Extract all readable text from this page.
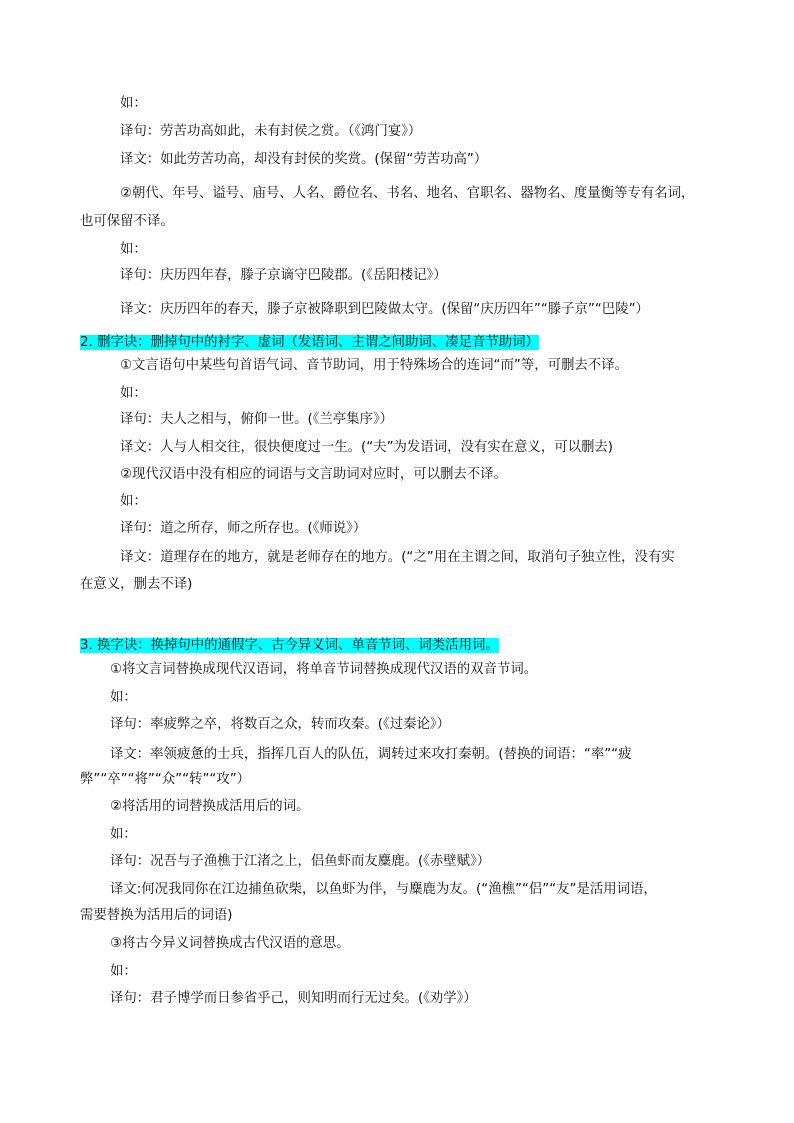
如：

译句：劳苦功高如此，未有封侯之赏。（《鸿门宴》）

译文：如此劳苦功高，却没有封侯的奖赏。(保留“劳苦功高”）

②朝代、年号、谥号、庙号、人名、爵位名、书名、地名、官职名、器物名、度量衡等专有名词，

也可保留不译。

如：

译句：庆历四年春，滕子京谪守巴陵郡。(《岳阳楼记》）

译文：庆历四年的春天，滕子京被降职到巴陵做太守。(保留“庆历四年”“滕子京”“巴陵”）

2. 删字诀：删掉句中的衬字、虚词（发语词、主谓之间助词、凑足音节助词）

①文言语句中某些句首语气词、音节助词，用于特殊场合的连词“而”等，可删去不译。

如：

译句：夫人之相与，俯仰一世。(《兰亭集序》）

译文：人与人相交往，很快便度过一生。(“夫”为发语词，没有实在意义，可以删去)

②现代汉语中没有相应的词语与文言助词对应时，可以删去不译。

如：

译句：道之所存，师之所存也。(《师说》）

译文：道理存在的地方，就是老师存在的地方。(“之”用在主谓之间，取消句子独立性，没有实

在意义，删去不译)

3. 换字诀：换掉句中的通假字、古今异义词、单音节词、词类活用词。

①将文言词替换成现代汉语词，将单音节词替换成现代汉语的双音节词。

如：

译句：率疲弊之卒，将数百之众，转而攻秦。(《过秦论》）

译文：率领疲惫的士兵，指挥几百人的队伍，调转过来攻打秦朝。(替换的词语：“率”“疲

弊”“卒”“将”“众”“转”“攻”）

②将活用的词替换成活用后的词。

如：

译句：况吾与子渔樵于江渚之上，侣鱼虾而友麋鹿。(《赤壁赋》）

译文:何况我同你在江边捕鱼砍柴，以鱼虾为伴，与麋鹿为友。(“渔樵”“侣”“友”是活用词语，

需要替换为活用后的词语)

③将古今异义词替换成古代汉语的意思。

如：

译句：君子博学而日参省乎己，则知明而行无过矣。(《劝学》）
